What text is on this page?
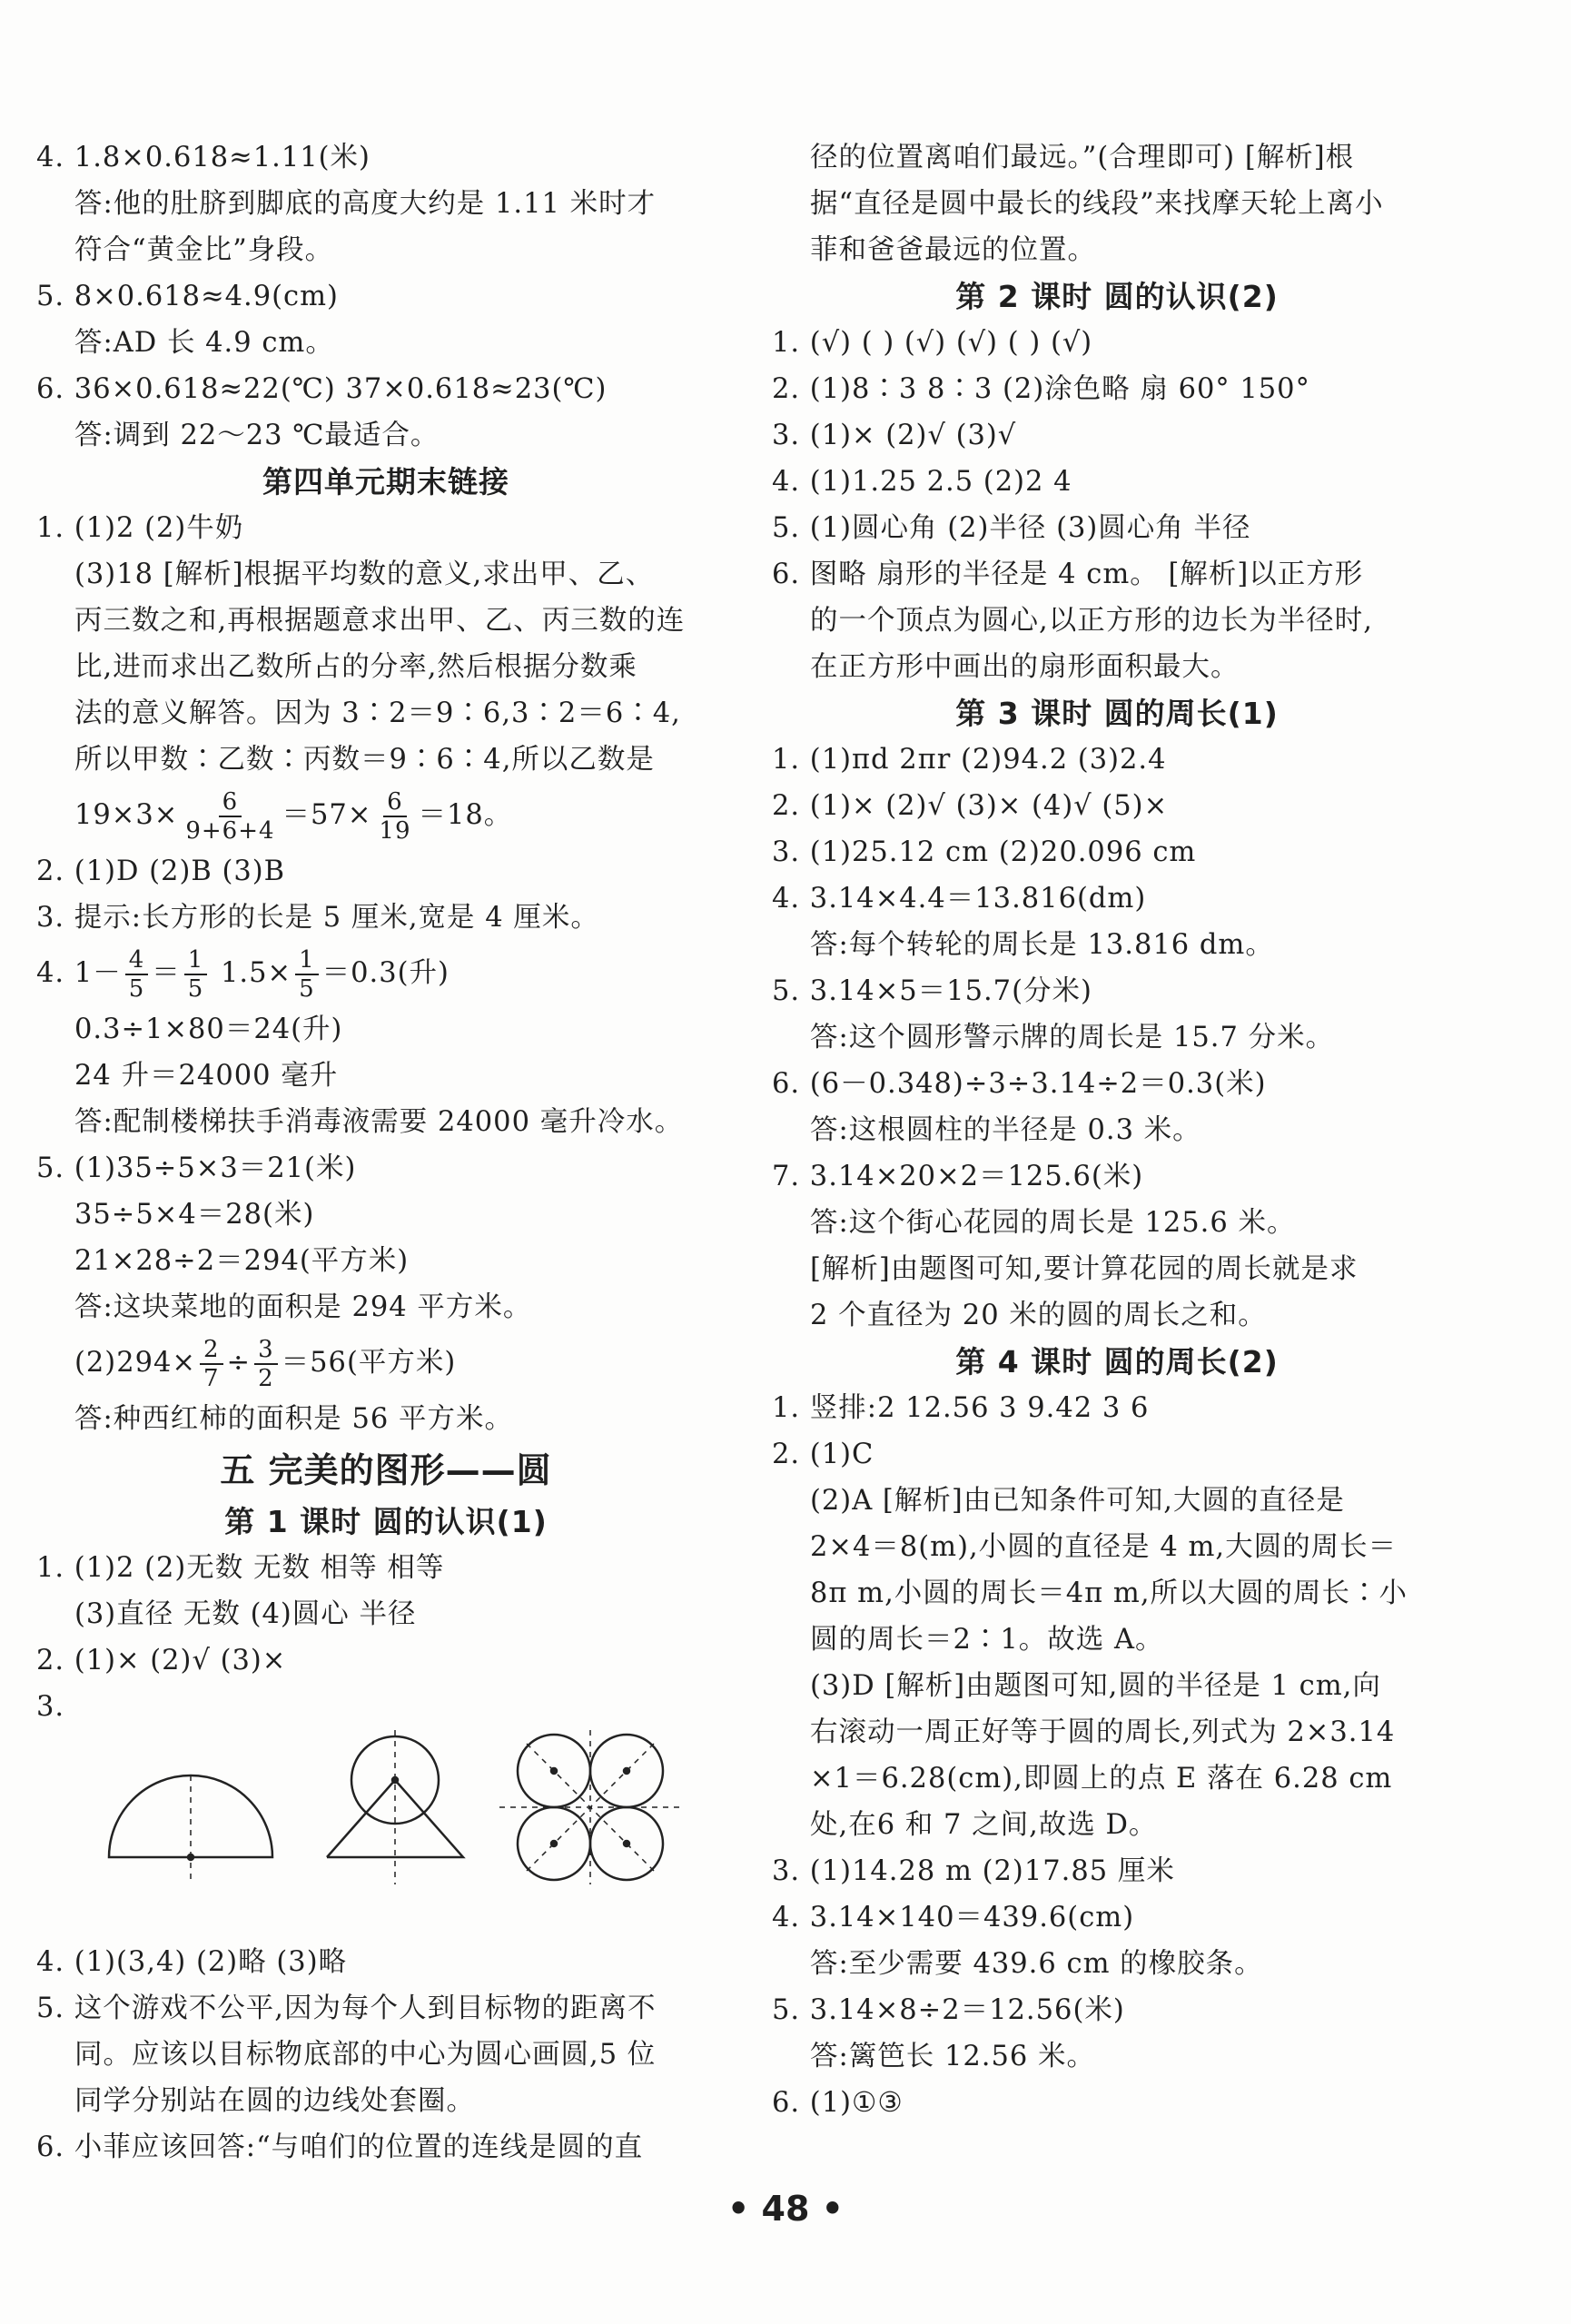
4. 1.8×0.618≈1.11(米)
答:他的肚脐到脚底的高度大约是 1.11 米时才
符合“黄金比”身段。
5. 8×0.618≈4.9(cm)
答:AD 长 4.9 cm。
6. 36×0.618≈22(℃) 37×0.618≈23(℃)
答:调到 22～23 ℃最适合。
第四单元期末链接
1. (1)2 (2)牛奶
(3)18 [解析]根据平均数的意义,求出甲、乙、
丙三数之和,再根据题意求出甲、乙、丙三数的连
比,进而求出乙数所占的分率,然后根据分数乘
法的意义解答。因为 3∶2＝9∶6,3∶2＝6∶4,
所以甲数∶乙数∶丙数＝9∶6∶4,所以乙数是
$19\times 3\times \frac{6}{9+6+4} =57\times \frac{6}{19} =18$。
2. (1)D (2)B (3)B
3. 提示:长方形的长是 5 厘米,宽是 4 厘米。
4. $1- \frac{4}{5} = \frac{1}{5} 1.5\times \frac{1}{5} =0.3$(升)
0.3÷1×80＝24(升)
24 升＝24000 毫升
答:配制楼梯扶手消毒液需要 24000 毫升冷水。
5. (1)35÷5×3＝21(米)
35÷5×4＝28(米)
21×28÷2＝294(平方米)
答:这块菜地的面积是 294 平方米。
$(2)294\times \frac{2}{7} \div \frac{3}{2} =56$(平方米)
答:种西红柿的面积是 56 平方米。
五 完美的图形——圆
第 1 课时 圆的认识(1)
1. (1)2 (2)无数 无数 相等 相等
(3)直径 无数 (4)圆心 半径
2. (1)× (2)√ (3)×
3.
4. (1)(3,4) (2)略 (3)略
5. 这个游戏不公平,因为每个人到目标物的距离不
同。应该以目标物底部的中心为圆心画圆,5 位
同学分别站在圆的边线处套圈。
6. 小菲应该回答:“与咱们的位置的连线是圆的直
径的位置离咱们最远。”(合理即可) [解析]根
据“直径是圆中最长的线段”来找摩天轮上离小
菲和爸爸最远的位置。
第 2 课时 圆的认识(2)
1. (√) ( ) (√) (√) ( ) (√)
2. (1)8∶3 8∶3 (2)涂色略 扇 60° 150°
3. (1)× (2)√ (3)√
4. (1)1.25 2.5 (2)2 4
5. (1)圆心角 (2)半径 (3)圆心角 半径
6. 图略 扇形的半径是 4 cm。 [解析]以正方形
的一个顶点为圆心,以正方形的边长为半径时,
在正方形中画出的扇形面积最大。
第 3 课时 圆的周长(1)
1. (1)πd 2πr (2)94.2 (3)2.4
2. (1)× (2)√ (3)× (4)√ (5)×
3. (1)25.12 cm (2)20.096 cm
4. 3.14×4.4＝13.816(dm)
答:每个转轮的周长是 13.816 dm。
5. 3.14×5＝15.7(分米)
答:这个圆形警示牌的周长是 15.7 分米。
6. (6－0.348)÷3÷3.14÷2＝0.3(米)
答:这根圆柱的半径是 0.3 米。
7. 3.14×20×2＝125.6(米)
答:这个街心花园的周长是 125.6 米。
[解析]由题图可知,要计算花园的周长就是求
2 个直径为 20 米的圆的周长之和。
第 4 课时 圆的周长(2)
1. 竖排:2 12.56 3 9.42 3 6
2. (1)C
(2)A [解析]由已知条件可知,大圆的直径是
2×4＝8(m),小圆的直径是 4 m,大圆的周长＝
8π m,小圆的周长＝4π m,所以大圆的周长∶小
圆的周长＝2∶1。故选 A。
(3)D [解析]由题图可知,圆的半径是 1 cm,向
右滚动一周正好等于圆的周长,列式为 2×3.14
×1＝6.28(cm),即圆上的点 E 落在 6.28 cm
处,在6 和 7 之间,故选 D。
3. (1)14.28 m (2)17.85 厘米
4. 3.14×140＝439.6(cm)
答:至少需要 439.6 cm 的橡胶条。
5. 3.14×8÷2＝12.56(米)
答:篱笆长 12.56 米。
6. (1)①③
• 48 •
